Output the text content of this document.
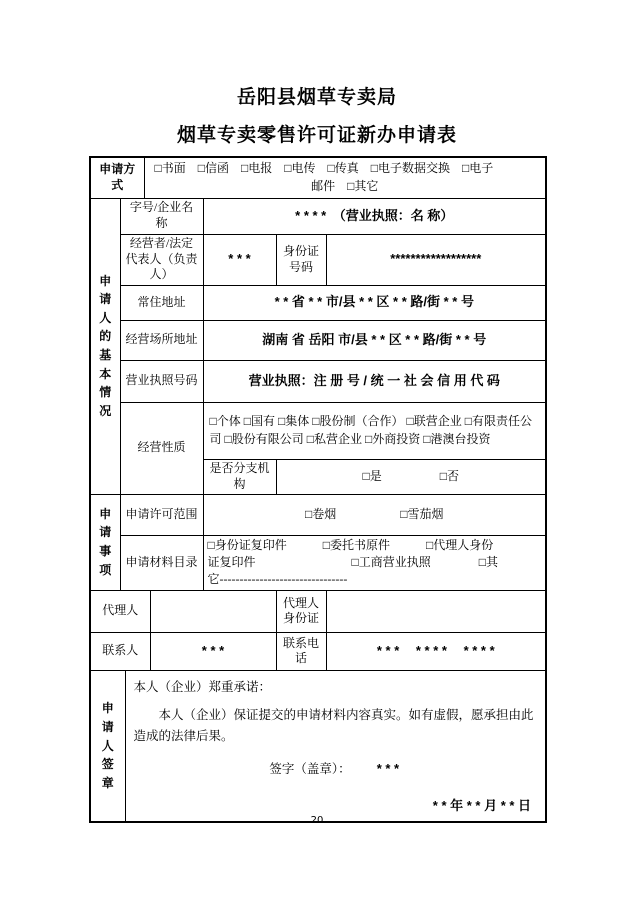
岳阳县烟草专卖局
烟草专卖零售许可证新办申请表
申请方式			□书面　□信函　□电报　□电传　□传真　□电子数据交换　□电子
邮件　□其它				

申请人的基本情况	字号/企业名称				* * * *　（营业执照：名 称）		
	经营者/法定代表人（负责人）				* * *	身份证号码	******************
	常住地址				* * 省 * * 市/县 * * 区 * * 路/街 * * 号		
	经营场所地址				湖南 省 岳阳 市/县 * * 区 * * 路/街 * * 号		
	营业执照号码				营业执照：注 册 号 / 统 一 社 会 信 用 代 码		
	经营性质				□个体 □国有 □集体 □股份制（合作） □联营企业 □有限责任公司 □股份有限公司 □私营企业 □外商投资 □港澳台投资		
					是否分支机构	□是 □否	

申请事项	申请许可范围				□卷烟 □雪茄烟		

	申请材料目录				□身份证复印件　　　□委托书原件　　　□代理人身份
证复印件　　　　　　　　□工商营业执照　　　　□其
它--------------------------------		

代理人						代理人身份证	
联系人				* * *		联系电话	* * *　 * * * *　 * * * *

申请人签章		本人（企业）郑重承诺：
本人（企业）保证提交的申请材料内容真实。如有虚假，愿承担由此造成的法律后果。
签字（盖章）： * * *
* * 年 * * 月 * * 日					
20
